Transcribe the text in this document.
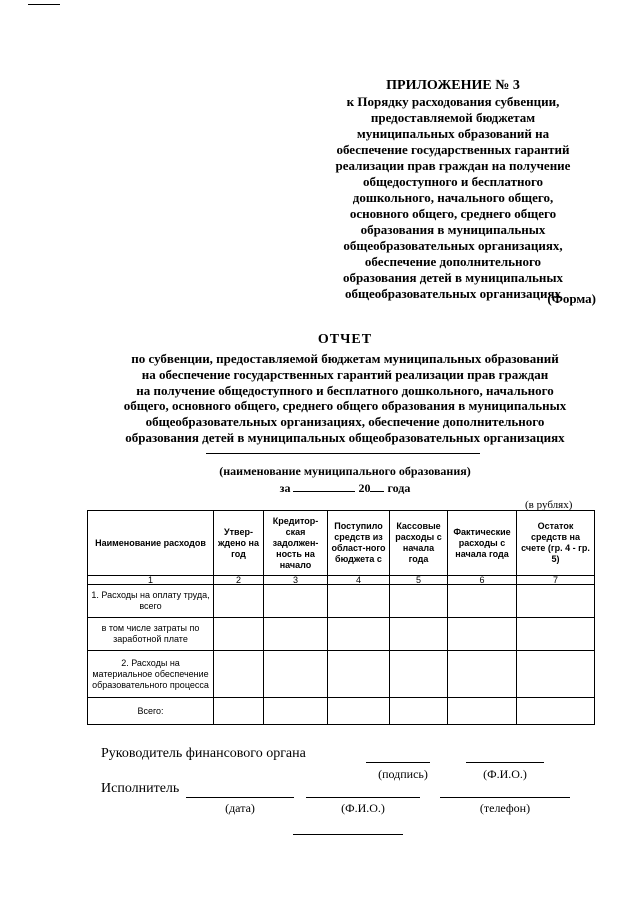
ПРИЛОЖЕНИЕ № 3
к Порядку расходования субвенции,
предоставляемой бюджетам
муниципальных образований на
обеспечение государственных гарантий
реализации прав граждан на получение
общедоступного и бесплатного
дошкольного, начального общего,
основного общего, среднего общего
образования в муниципальных
общеобразовательных организациях,
обеспечение дополнительного
образования детей в муниципальных
общеобразовательных организациях
(Форма)
ОТЧЕТ
по субвенции, предоставляемой бюджетам муниципальных образований
на обеспечение государственных гарантий реализации прав граждан
на получение общедоступного и бесплатного дошкольного, начального
общего, основного общего, среднего общего образования в муниципальных
общеобразовательных организациях, обеспечение дополнительного
образования детей в муниципальных общеобразовательных организациях
(наименование муниципального образования)
за	20 года
(в рублях)
Наименование расходов	Утвер-ждено на год	Кредитор-ская задолжен-ность на начало	Поступило средств из област-ного бюджета с	Кассовые расходы с начала года	Фактические расходы с начала года	Остаток средств на счете (гр. 4 - гр. 5)
1	2	3	4	5	6	7
1. Расходы на оплату труда, всего						
в том числе затраты по заработной плате						
2. Расходы на материальное обеспечение образовательного процесса						
Всего:						
Руководитель финансового органа
(подпись)	(Ф.И.О.)
Исполнитель
(дата)	(Ф.И.О.)	(телефон)
